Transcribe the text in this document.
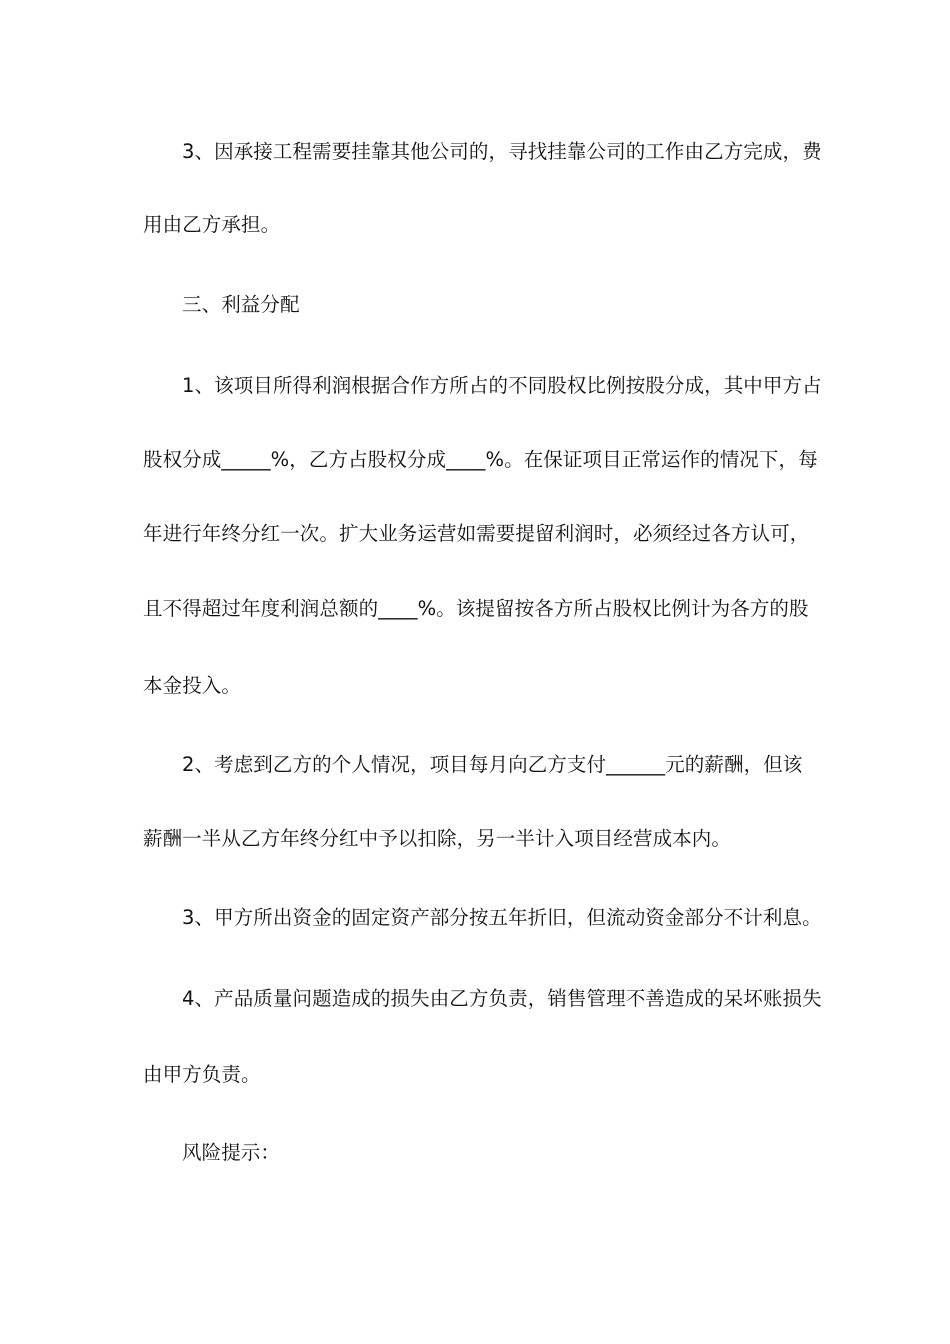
3、因承接工程需要挂靠其他公司的，寻找挂靠公司的工作由乙方完成，费
用由乙方承担。
三、利益分配
1、该项目所得利润根据合作方所占的不同股权比例按股分成，其中甲方占
股权分成_____%，乙方占股权分成____%。在保证项目正常运作的情况下，每
年进行年终分红一次。扩大业务运营如需要提留利润时，必须经过各方认可，
且不得超过年度利润总额的____%。该提留按各方所占股权比例计为各方的股
本金投入。
2、考虑到乙方的个人情况，项目每月向乙方支付______元的薪酬，但该
薪酬一半从乙方年终分红中予以扣除，另一半计入项目经营成本内。
3、甲方所出资金的固定资产部分按五年折旧，但流动资金部分不计利息。
4、产品质量问题造成的损失由乙方负责，销售管理不善造成的呆坏账损失
由甲方负责。
风险提示：
